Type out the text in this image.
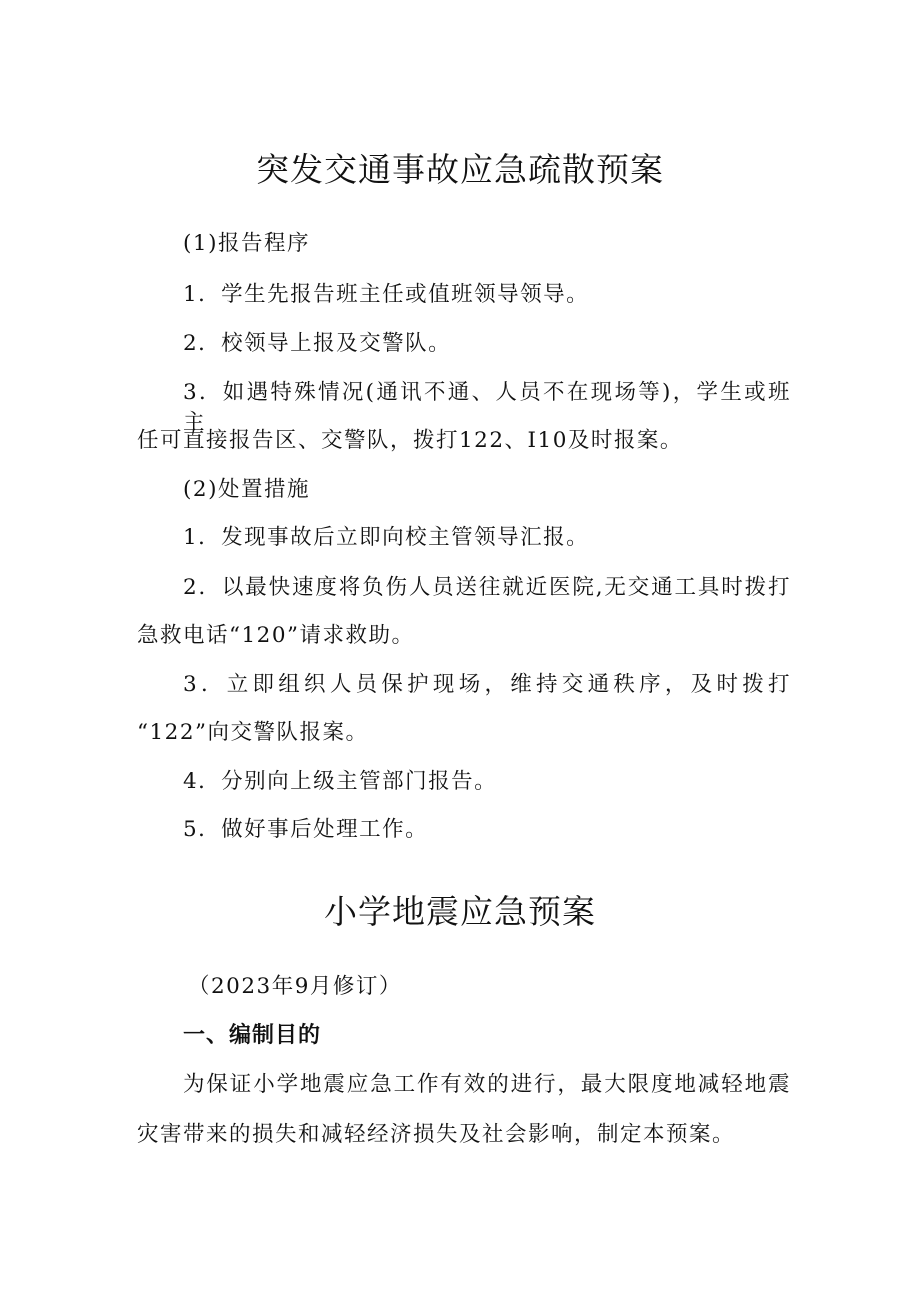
突发交通事故应急疏散预案

(1)报告程序

1．学生先报告班主任或值班领导领导。

2．校领导上报及交警队。

3．如遇特殊情况(通讯不通、人员不在现场等)，学生或班主

任可直接报告区、交警队，拨打122、I10及时报案。

(2)处置措施

1．发现事故后立即向校主管领导汇报。

2．以最快速度将负伤人员送往就近医院,无交通工具时拨打

急救电话“120”请求救助。

3．立即组织人员保护现场，维持交通秩序，及时拨打

“122”向交警队报案。

4．分别向上级主管部门报告。

5．做好事后处理工作。

小学地震应急预案

（2023年9月修订）

一、编制目的

为保证小学地震应急工作有效的进行，最大限度地减轻地震

灾害带来的损失和减轻经济损失及社会影响，制定本预案。
